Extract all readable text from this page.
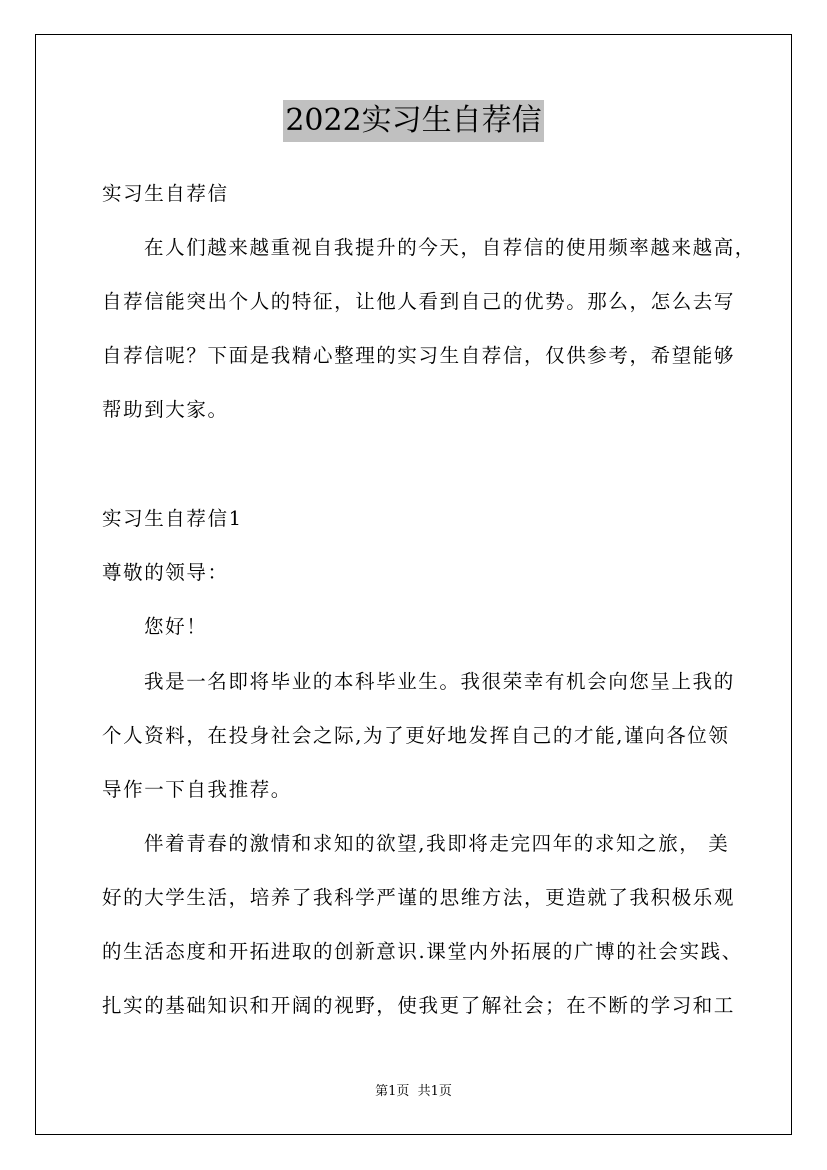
2022实习生自荐信
实习生自荐信
在人们越来越重视自我提升的今天，自荐信的使用频率越来越高，
自荐信能突出个人的特征，让他人看到自己的优势。那么，怎么去写
自荐信呢？下面是我精心整理的实习生自荐信，仅供参考，希望能够
帮助到大家。
实习生自荐信1
尊敬的领导：
您好！
我是一名即将毕业的本科毕业生。我很荣幸有机会向您呈上我的
个人资料，在投身社会之际,为了更好地发挥自己的才能,谨向各位领
导作一下自我推荐。
伴着青春的激情和求知的欲望,我即将走完四年的求知之旅， 美
好的大学生活，培养了我科学严谨的思维方法，更造就了我积极乐观
的生活态度和开拓进取的创新意识.课堂内外拓展的广博的社会实践、
扎实的基础知识和开阔的视野，使我更了解社会；在不断的学习和工
第1页  共1页
